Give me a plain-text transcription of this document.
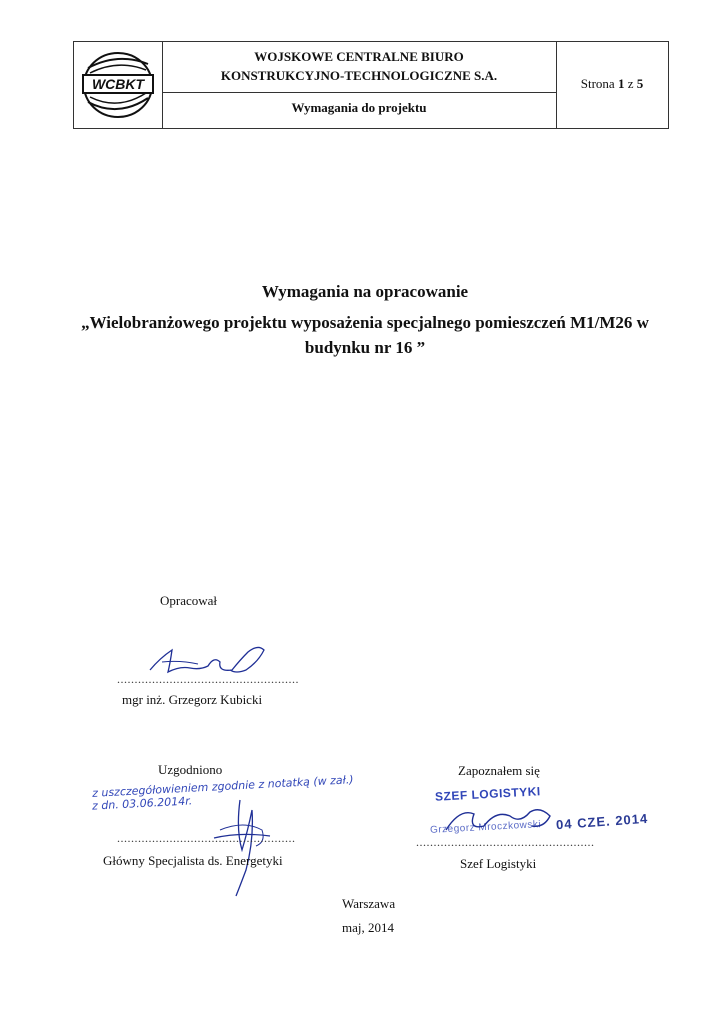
WCBKT
WOJSKOWE CENTRALNE BIURO
KONSTRUKCYJNO-TECHNOLOGICZNE S.A.
Wymagania do projektu
Strona 1 z 5
Wymagania na opracowanie
„Wielobranżowego projektu wyposażenia specjalnego pomieszczeń M1/M26 w
budynku nr 16 ”
Opracował
....................................................
mgr inż. Grzegorz Kubicki
Uzgodniono
z uszczegółowieniem zgodnie z notatką (w zał.)
z dn. 03.06.2014r.
...................................................
Główny Specjalista ds. Energetyki
Zapoznałem się
SZEF LOGISTYKI
Grzegorz Mroczkowski 04 CZE. 2014
...................................................
Szef Logistyki
Warszawa
maj, 2014
